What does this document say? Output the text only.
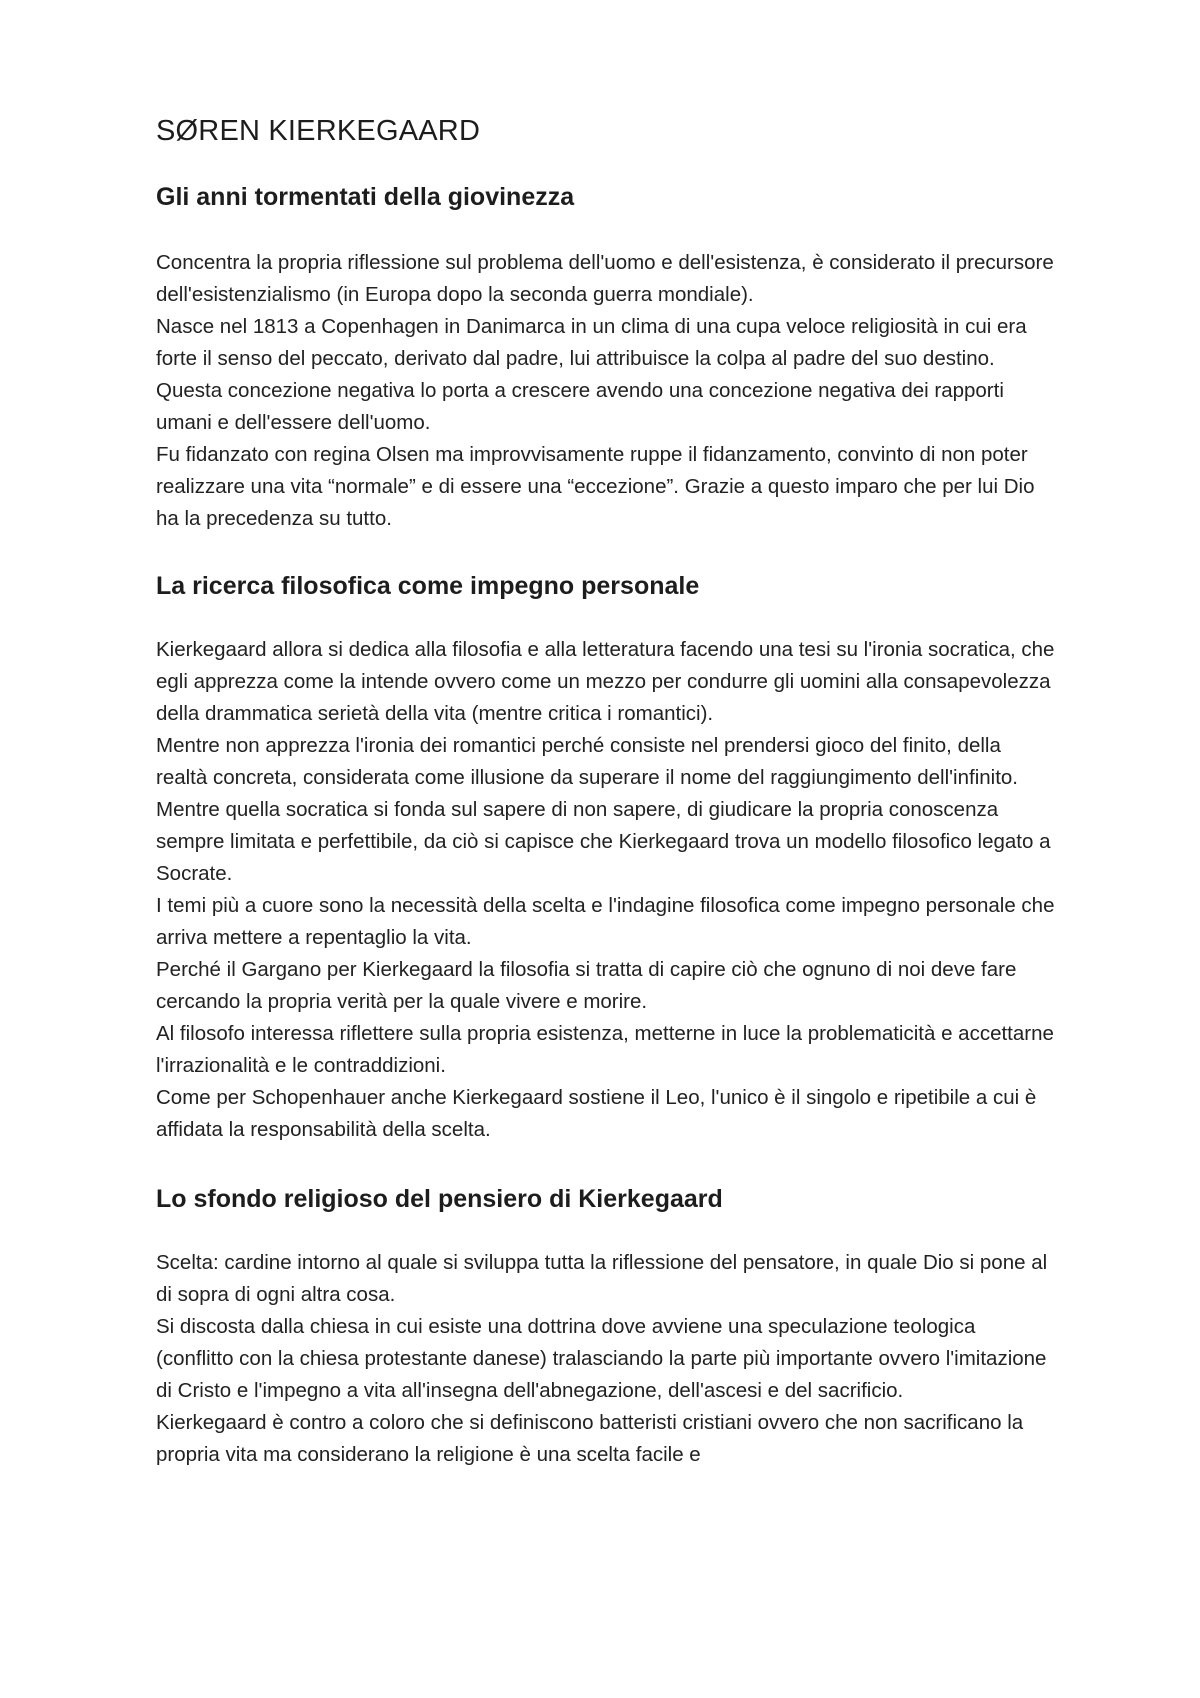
SØREN KIERKEGAARD
Gli anni tormentati della giovinezza

Concentra la propria riflessione sul problema dell'uomo e dell'esistenza, è considerato il precursore dell'esistenzialismo (in Europa dopo la seconda guerra mondiale).

Nasce nel 1813 a Copenhagen in Danimarca in un clima di una cupa veloce religiosità in cui era forte il senso del peccato, derivato dal padre, lui attribuisce la colpa al padre del suo destino.

Questa concezione negativa lo porta a crescere avendo una concezione negativa dei rapporti umani e dell'essere dell'uomo.

Fu fidanzato con regina Olsen ma improvvisamente ruppe il fidanzamento, convinto di non poter realizzare una vita “normale” e di essere una “eccezione”. Grazie a questo imparo che per lui Dio ha la precedenza su tutto.

La ricerca filosofica come impegno personale

Kierkegaard allora si dedica alla filosofia e alla letteratura facendo una tesi su l'ironia socratica, che egli apprezza come la intende ovvero come un mezzo per condurre gli uomini alla consapevolezza della drammatica serietà della vita (mentre critica i romantici).

Mentre non apprezza l'ironia dei romantici perché consiste nel prendersi gioco del finito, della realtà concreta, considerata come illusione da superare il nome del raggiungimento dell'infinito.

Mentre quella socratica si fonda sul sapere di non sapere, di giudicare la propria conoscenza sempre limitata e perfettibile, da ciò si capisce che Kierkegaard trova un modello filosofico legato a Socrate.

I temi più a cuore sono la necessità della scelta e l'indagine filosofica come impegno personale che arriva mettere a repentaglio la vita.

Perché il Gargano per Kierkegaard la filosofia si tratta di capire ciò che ognuno di noi deve fare cercando la propria verità per la quale vivere e morire.

Al filosofo interessa riflettere sulla propria esistenza, metterne in luce la problematicità e accettarne l'irrazionalità e le contraddizioni.

Come per Schopenhauer anche Kierkegaard sostiene il Leo, l'unico è il singolo e ripetibile a cui è affidata la responsabilità della scelta.

Lo sfondo religioso del pensiero di Kierkegaard

Scelta: cardine intorno al quale si sviluppa tutta la riflessione del pensatore, in quale Dio si pone al di sopra di ogni altra cosa.

Si discosta dalla chiesa in cui esiste una dottrina dove avviene una speculazione teologica (conflitto con la chiesa protestante danese) tralasciando la parte più importante ovvero l'imitazione di Cristo e l'impegno a vita all'insegna dell'abnegazione, dell'ascesi e del sacrificio.

Kierkegaard è contro a coloro che si definiscono batteristi cristiani ovvero che non sacrificano la propria vita ma considerano la religione è una scelta facile e
